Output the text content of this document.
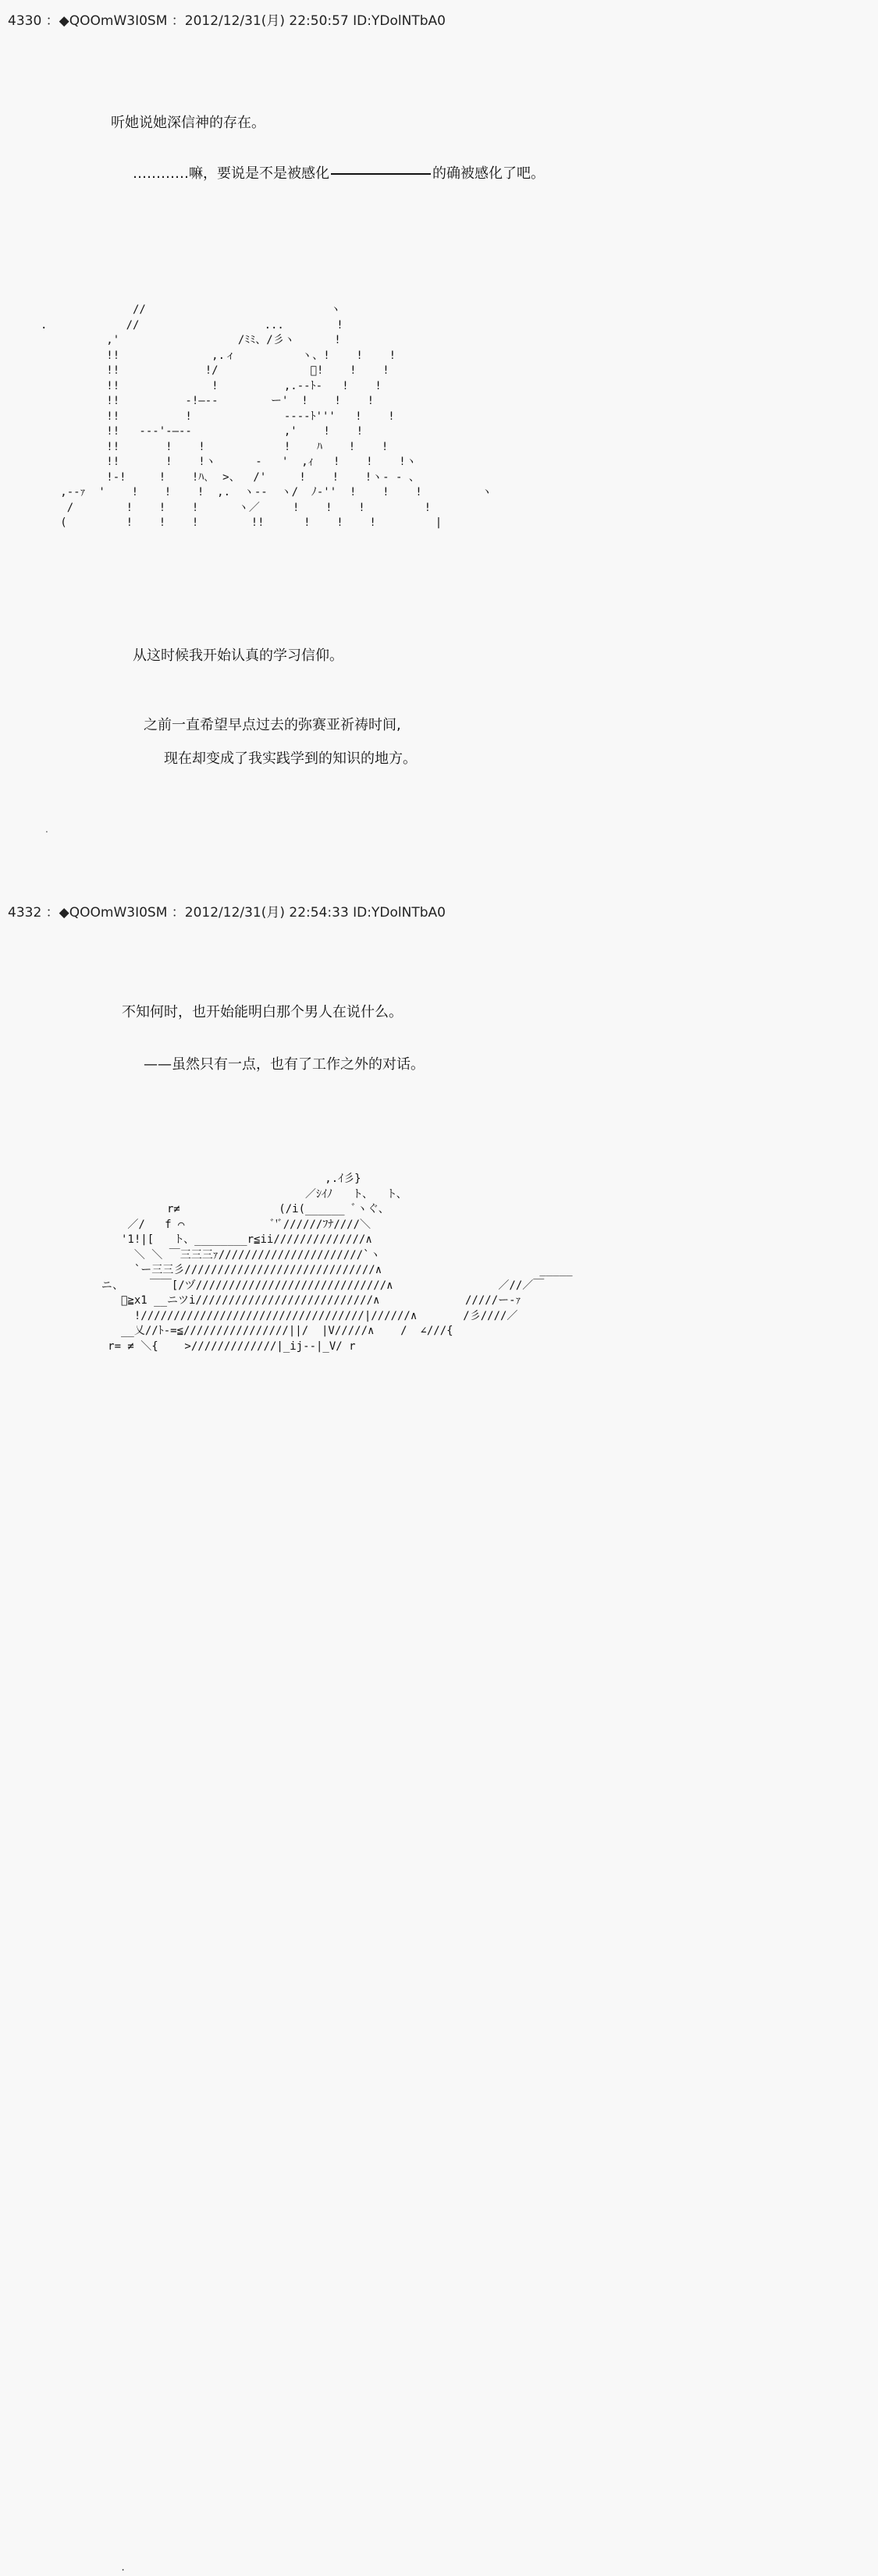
4330 ：◆QOOmW3I0SM ：2012/12/31(月) 22:50:57 ID:YDolNTbA0
听她说她深信神的存在。
…………嘛，要说是不是被感化	的确被感化了吧。
//                            ヽ
.            //                   ...        !
,'                  /ﾐﾐ、/彡ヽ      !
!!              ,.ィ          ヽ、!    !    !
!!             !/              ﾞ!    !    !
!!              !          ,.-‐ﾄ-   !    !
!!          ‐!―‐-        ー'  !    !    !
!!          !              ‐‐‐‐ﾄ'''   !    !
!!   ‐‐‐'‐―‐-              ,'    !    !
!!       !    !            !    ﾊ    !    !
!!       !    !ヽ      ‐   '  ,ｨ   !    !    !ヽ
!-!     !    !ﾊ､  >、  /'     !    !    !ヽ‐ ‐ 、
,‐‐ｧ  '    !    !    !  ,.  ヽ‐-  ヽ/  ﾉ‐''  !    !    !         ヽ
/        !    !    !      ヽ／     !    !    !         !
(         !    !    !        !!      !    !    !         |
从这时候我开始认真的学习信仰。
之前一直希望早点过去的弥赛亚祈祷时间,
现在却变成了我实践学到的知识的地方。
.
4332 ：◆QOOmW3I0SM ：2012/12/31(月) 22:54:33 ID:YDolNTbA0
不知何时，也开始能明白那个男人在说什么。
——虽然只有一点，也有了工作之外的对话。
,.ｲ彡}
／ｼｲﾉ   ト、  ト、
r≠               (/i(______ ﾞヽぐ、
／/   f ⌒             ﾞ'ﾞ//////ﾌﾅ////＼
'1!|[   ト、________r≦ii//////////////∧
＼ ＼ ￣三三三ｧ//////////////////////`ヽ
`ー三三彡/////////////////////////////∧                        _____
ニ、    ￣￣[/ヅ/////////////////////////////∧                ／//／￣
ﾞ≧x1 __ニツi///////////////////////////∧             /////ー-ｧ
!//////////////////////////////////|//////∧       /彡////／
__乂//ﾄ-=≦////////////////||/  |V/////∧    /  ∠///{
r= ≠ ＼{    >/////////////|_ij--|_V/ r

.
